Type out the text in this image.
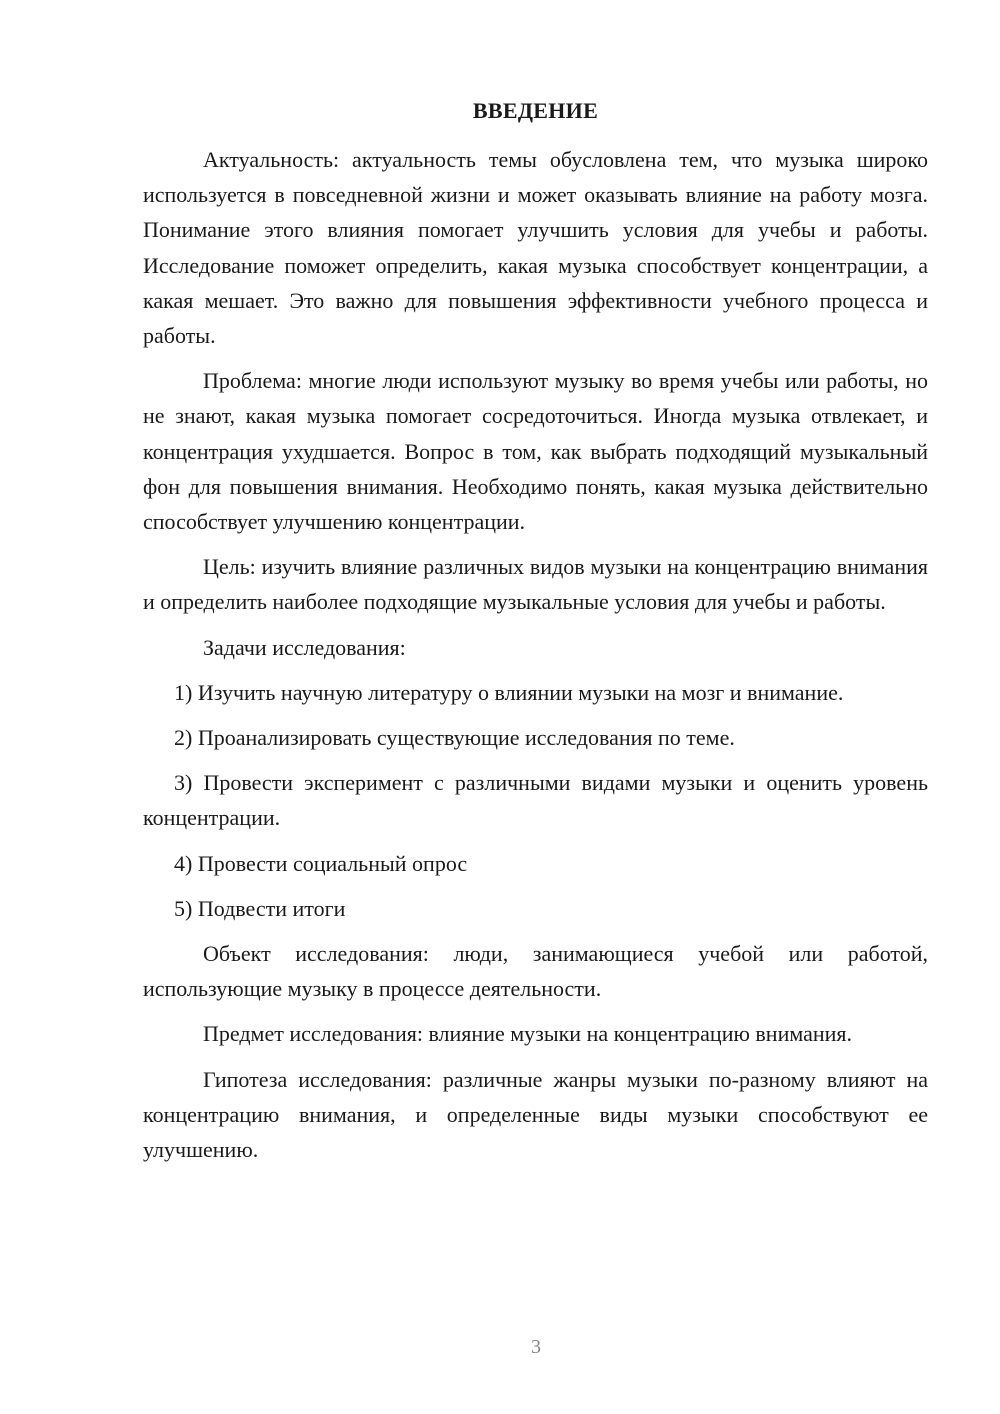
ВВЕДЕНИЕ

Актуальность: актуальность темы обусловлена тем, что музыка широко используется в повседневной жизни и может оказывать влияние на работу мозга. Понимание этого влияния помогает улучшить условия для учебы и работы. Исследование поможет определить, какая музыка способствует концентрации, а какая мешает. Это важно для повышения эффективности учебного процесса и работы.

Проблема: многие люди используют музыку во время учебы или работы, но не знают, какая музыка помогает сосредоточиться. Иногда музыка отвлекает, и концентрация ухудшается. Вопрос в том, как выбрать подходящий музыкальный фон для повышения внимания. Необходимо понять, какая музыка действительно способствует улучшению концентрации.

Цель: изучить влияние различных видов музыки на концентрацию внимания и определить наиболее подходящие музыкальные условия для учебы и работы.

Задачи исследования:

1) Изучить научную литературу о влиянии музыки на мозг и внимание.

2) Проанализировать существующие исследования по теме.

3) Провести эксперимент с различными видами музыки и оценить уровень концентрации.

4) Провести социальный опрос

5) Подвести итоги

Объект исследования: люди, занимающиеся учебой или работой, использующие музыку в процессе деятельности.

Предмет исследования: влияние музыки на концентрацию внимания.

Гипотеза исследования: различные жанры музыки по-разному влияют на концентрацию внимания, и определенные виды музыки способствуют ее улучшению.

3
